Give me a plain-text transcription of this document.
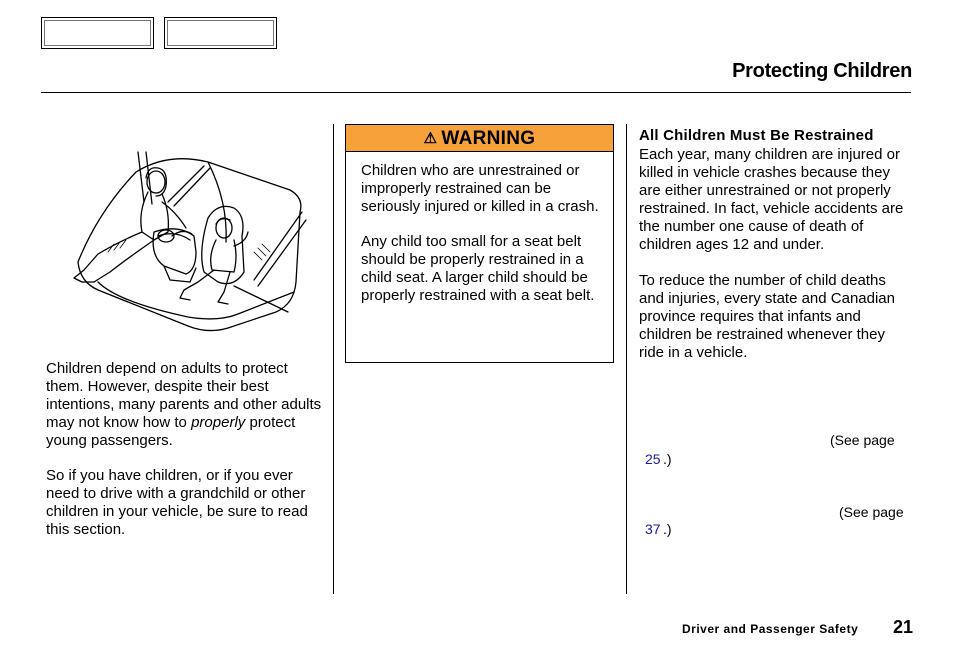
Protecting Children

Children depend on adults to protect them. However, despite their best intentions, many parents and other adults may not know how to properly protect young passengers.

So if you have children, or if you ever need to drive with a grandchild or other children in your vehicle, be sure to read this section.

⚠ WARNING

Children who are unrestrained or improperly restrained can be seriously injured or killed in a crash.

Any child too small for a seat belt should be properly restrained in a child seat. A larger child should be properly restrained with a seat belt.

All Children Must Be Restrained

Each year, many children are injured or killed in vehicle crashes because they are either unrestrained or not properly restrained. In fact, vehicle accidents are the number one cause of death of children ages 12 and under.

To reduce the number of child deaths and injuries, every state and Canadian province requires that infants and children be restrained whenever they ride in a vehicle.

(See page
25 .)
(See page
37 .)
Driver and Passenger Safety 21
